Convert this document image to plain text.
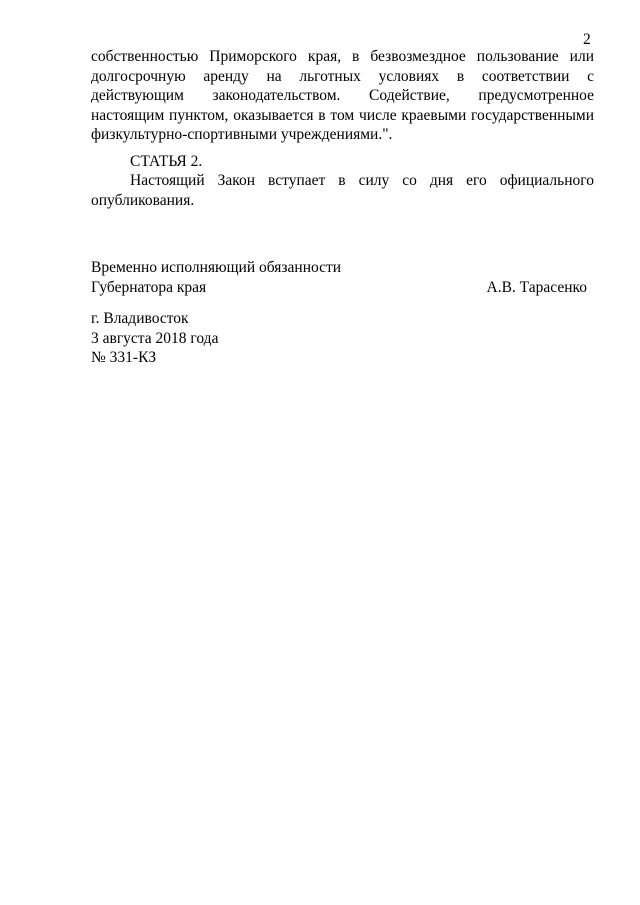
2
собственностью Приморского края, в безвозмездное пользование или долгосрочную аренду на льготных условиях в соответствии с действующим законодательством. Содействие, предусмотренное настоящим пунктом, оказывается в том числе краевыми государственными физкультурно-спортивными учреждениями.".
СТАТЬЯ 2.
Настоящий Закон вступает в силу со дня его официального опубликования.
Временно исполняющий обязанности
Губернатора края	А.В. Тарасенко
г. Владивосток
3 августа 2018 года
№ 331-КЗ
